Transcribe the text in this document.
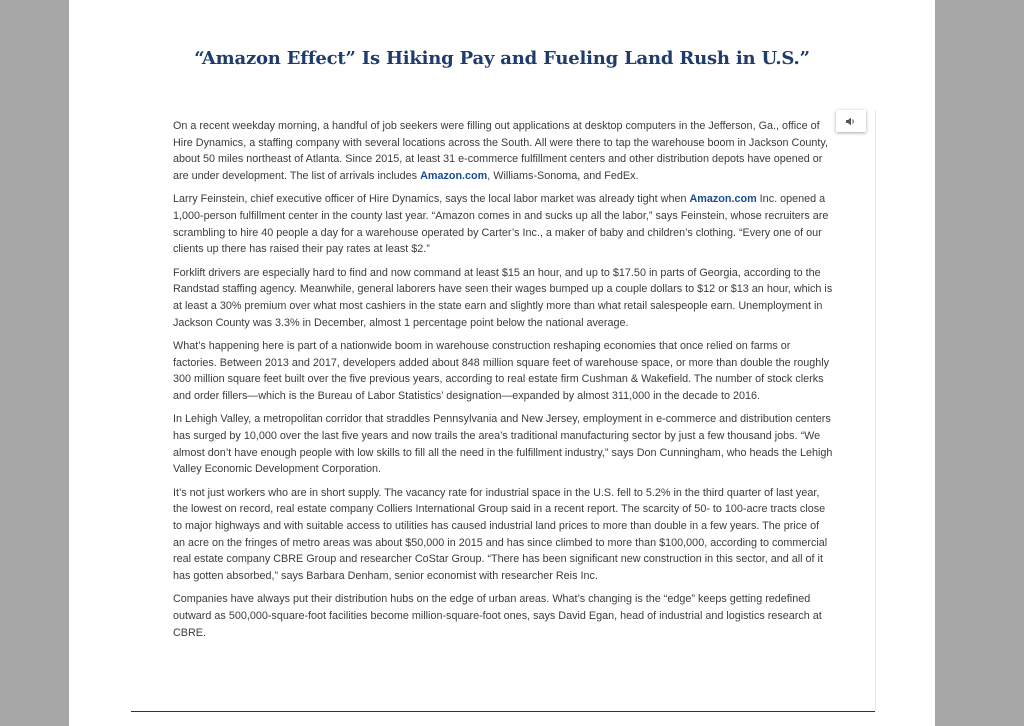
“Amazon Effect” Is Hiking Pay and Fueling Land Rush in U.S.”

On a recent weekday morning, a handful of job seekers were filling out applications at desktop computers in the Jefferson, Ga., office of Hire Dynamics, a staffing company with several locations across the South. All were there to tap the warehouse boom in Jackson County, about 50 miles northeast of Atlanta. Since 2015, at least 31 e-commerce fulfillment centers and other distribution depots have opened or are under development. The list of arrivals includes Amazon.com, Williams-Sonoma, and FedEx.

Larry Feinstein, chief executive officer of Hire Dynamics, says the local labor market was already tight when Amazon.com Inc. opened a 1,000-person fulfillment center in the county last year. “Amazon comes in and sucks up all the labor,” says Feinstein, whose recruiters are scrambling to hire 40 people a day for a warehouse operated by Carter’s Inc., a maker of baby and children’s clothing. “Every one of our clients up there has raised their pay rates at least $2.”

Forklift drivers are especially hard to find and now command at least $15 an hour, and up to $17.50 in parts of Georgia, according to the Randstad staffing agency. Meanwhile, general laborers have seen their wages bumped up a couple dollars to $12 or $13 an hour, which is at least a 30% premium over what most cashiers in the state earn and slightly more than what retail salespeople earn. Unemployment in Jackson County was 3.3% in December, almost 1 percentage point below the national average.

What’s happening here is part of a nationwide boom in warehouse construction reshaping economies that once relied on farms or factories. Between 2013 and 2017, developers added about 848 million square feet of warehouse space, or more than double the roughly 300 million square feet built over the five previous years, according to real estate firm Cushman & Wakefield. The number of stock clerks and order fillers—which is the Bureau of Labor Statistics’ designation—expanded by almost 311,000 in the decade to 2016.

In Lehigh Valley, a metropolitan corridor that straddles Pennsylvania and New Jersey, employment in e-commerce and distribution centers has surged by 10,000 over the last five years and now trails the area’s traditional manufacturing sector by just a few thousand jobs. “We almost don’t have enough people with low skills to fill all the need in the fulfillment industry,” says Don Cunningham, who heads the Lehigh Valley Economic Development Corporation.

It’s not just workers who are in short supply. The vacancy rate for industrial space in the U.S. fell to 5.2% in the third quarter of last year, the lowest on record, real estate company Colliers International Group said in a recent report. The scarcity of 50- to 100-acre tracts close to major highways and with suitable access to utilities has caused industrial land prices to more than double in a few years. The price of an acre on the fringes of metro areas was about $50,000 in 2015 and has since climbed to more than $100,000, according to commercial real estate company CBRE Group and researcher CoStar Group. “There has been significant new construction in this sector, and all of it has gotten absorbed,” says Barbara Denham, senior economist with researcher Reis Inc.

Companies have always put their distribution hubs on the edge of urban areas. What’s changing is the “edge” keeps getting redefined outward as 500,000-square-foot facilities become million-square-foot ones, says David Egan, head of industrial and logistics research at CBRE.
